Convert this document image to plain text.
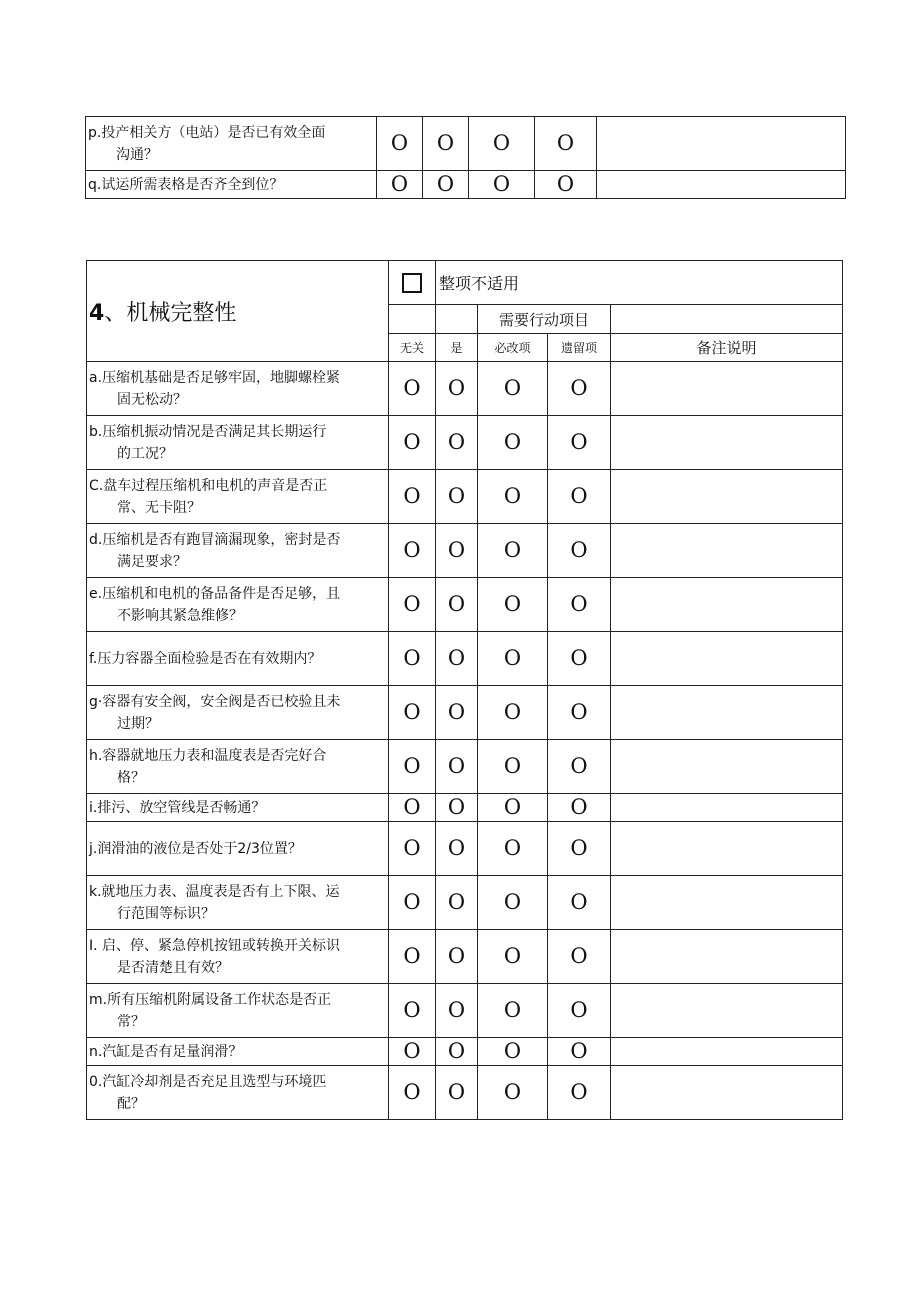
p.投产相关方（电站）是否已有效全面
沟通？	O	O	O	O	
q.试运所需表格是否齐全到位？	O	O	O	O	
4、机械完整性		整项不适用			
			需要行动项目		
	无关	是	必改项	遗留项	备注说明
a.压缩机基础是否足够牢固，地脚螺栓紧
固无松动？	O	O	O	O	
b.压缩机振动情况是否满足其长期运行
的工况？	O	O	O	O	
C.盘车过程压缩机和电机的声音是否正
常、无卡阻？	O	O	O	O	
d.压缩机是否有跑冒滴漏现象，密封是否
满足要求？	O	O	O	O	
e.压缩机和电机的备品备件是否足够，且
不影响其紧急维修？	O	O	O	O	
f.压力容器全面检验是否在有效期内？	O	O	O	O	
g·容器有安全阀，安全阀是否已校验且未
过期？	O	O	O	O	
h.容器就地压力表和温度表是否完好合
格？	O	O	O	O	
i.排污、放空管线是否畅通？	O	O	O	O	
j.润滑油的液位是否处于2/3位置？	O	O	O	O	
k.就地压力表、温度表是否有上下限、运
行范围等标识？	O	O	O	O	
I. 启、停、紧急停机按钮或转换开关标识
是否清楚且有效？	O	O	O	O	
m.所有压缩机附属设备工作状态是否正
常？	O	O	O	O	
n.汽缸是否有足量润滑？	O	O	O	O	
0.汽缸冷却剂是否充足且选型与环境匹
配？	O	O	O	O	
